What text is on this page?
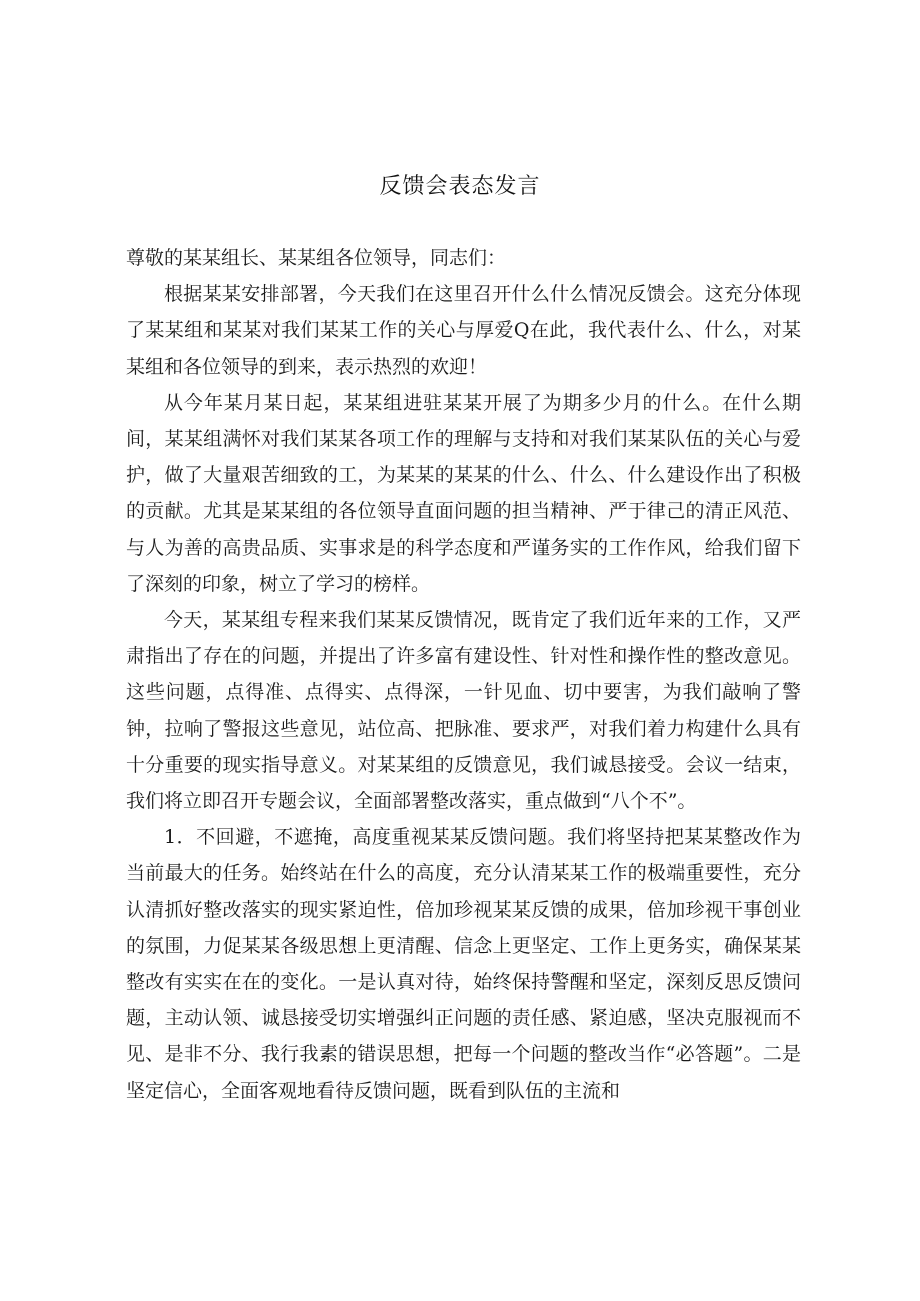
反馈会表态发言

尊敬的某某组长、某某组各位领导，同志们：

根据某某安排部署，今天我们在这里召开什么什么情况反馈会。这充分体现了某某组和某某对我们某某工作的关心与厚爱Q在此，我代表什么、什么，对某某组和各位领导的到来，表示热烈的欢迎！

从今年某月某日起，某某组进驻某某开展了为期多少月的什么。在什么期间，某某组满怀对我们某某各项工作的理解与支持和对我们某某队伍的关心与爱护，做了大量艰苦细致的工，为某某的某某的什么、什么、什么建设作出了积极的贡献。尤其是某某组的各位领导直面问题的担当精神、严于律己的清正风范、与人为善的高贵品质、实事求是的科学态度和严谨务实的工作作风，给我们留下了深刻的印象，树立了学习的榜样。

今天，某某组专程来我们某某反馈情况，既肯定了我们近年来的工作，又严肃指出了存在的问题，并提出了许多富有建设性、针对性和操作性的整改意见。这些问题，点得准、点得实、点得深，一针见血、切中要害，为我们敲响了警钟，拉响了警报这些意见，站位高、把脉准、要求严，对我们着力构建什么具有十分重要的现实指导意义。对某某组的反馈意见，我们诚恳接受。会议一结束，我们将立即召开专题会议，全面部署整改落实，重点做到“八个不”。

1．不回避，不遮掩，高度重视某某反馈问题。我们将坚持把某某整改作为当前最大的任务。始终站在什么的高度，充分认清某某工作的极端重要性，充分认清抓好整改落实的现实紧迫性，倍加珍视某某反馈的成果，倍加珍视干事创业的氛围，力促某某各级思想上更清醒、信念上更坚定、工作上更务实，确保某某整改有实实在在的变化。一是认真对待，始终保持警醒和坚定，深刻反思反馈问题，主动认领、诚恳接受切实增强纠正问题的责任感、紧迫感，坚决克服视而不见、是非不分、我行我素的错误思想，把每一个问题的整改当作“必答题”。二是坚定信心，全面客观地看待反馈问题，既看到队伍的主流和
